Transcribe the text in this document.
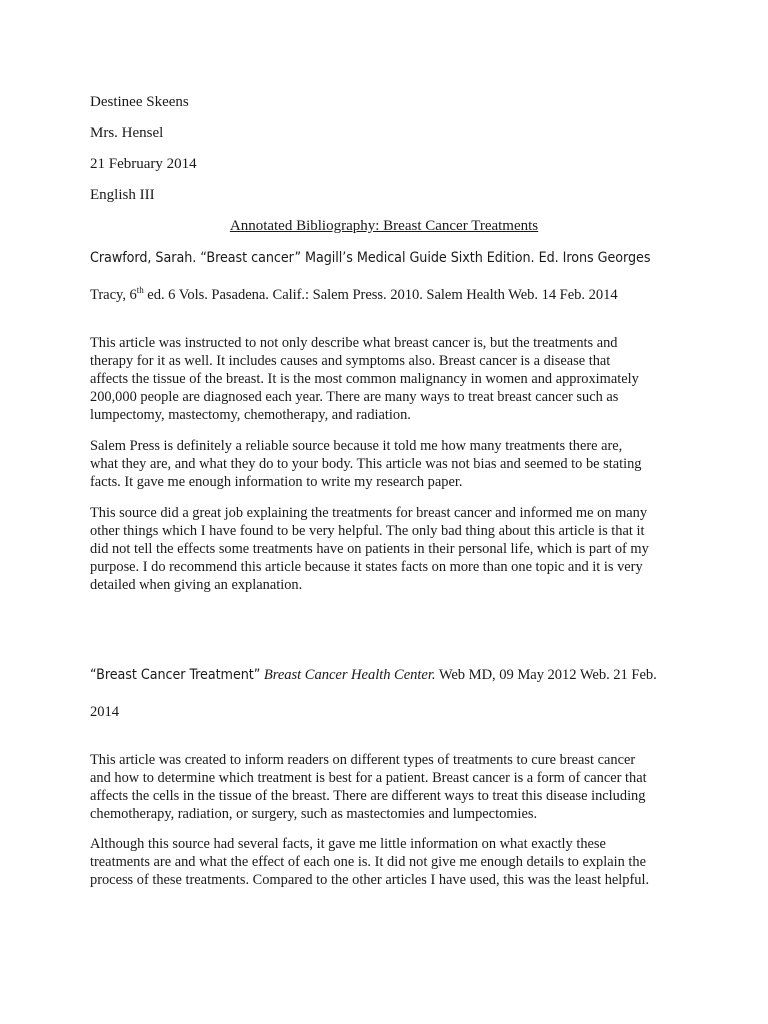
Destinee Skeens
Mrs. Hensel
21 February 2014
English III
Annotated Bibliography: Breast Cancer Treatments
Crawford, Sarah. “Breast cancer” Magill’s Medical Guide Sixth Edition. Ed. Irons Georges
Tracy, 6th ed. 6 Vols. Pasadena. Calif.: Salem Press. 2010. Salem Health Web. 14 Feb. 2014
This article was instructed to not only describe what breast cancer is, but the treatments and
therapy for it as well. It includes causes and symptoms also. Breast cancer is a disease that
affects the tissue of the breast. It is the most common malignancy in women and approximately
200,000 people are diagnosed each year. There are many ways to treat breast cancer such as
lumpectomy, mastectomy, chemotherapy, and radiation.
Salem Press is definitely a reliable source because it told me how many treatments there are,
what they are, and what they do to your body. This article was not bias and seemed to be stating
facts. It gave me enough information to write my research paper.
This source did a great job explaining the treatments for breast cancer and informed me on many
other things which I have found to be very helpful. The only bad thing about this article is that it
did not tell the effects some treatments have on patients in their personal life, which is part of my
purpose. I do recommend this article because it states facts on more than one topic and it is very
detailed when giving an explanation.
“Breast Cancer Treatment” Breast Cancer Health Center. Web MD, 09 May 2012 Web. 21 Feb.
2014
This article was created to inform readers on different types of treatments to cure breast cancer
and how to determine which treatment is best for a patient. Breast cancer is a form of cancer that
affects the cells in the tissue of the breast. There are different ways to treat this disease including
chemotherapy, radiation, or surgery, such as mastectomies and lumpectomies.
Although this source had several facts, it gave me little information on what exactly these
treatments are and what the effect of each one is. It did not give me enough details to explain the
process of these treatments. Compared to the other articles I have used, this was the least helpful.
